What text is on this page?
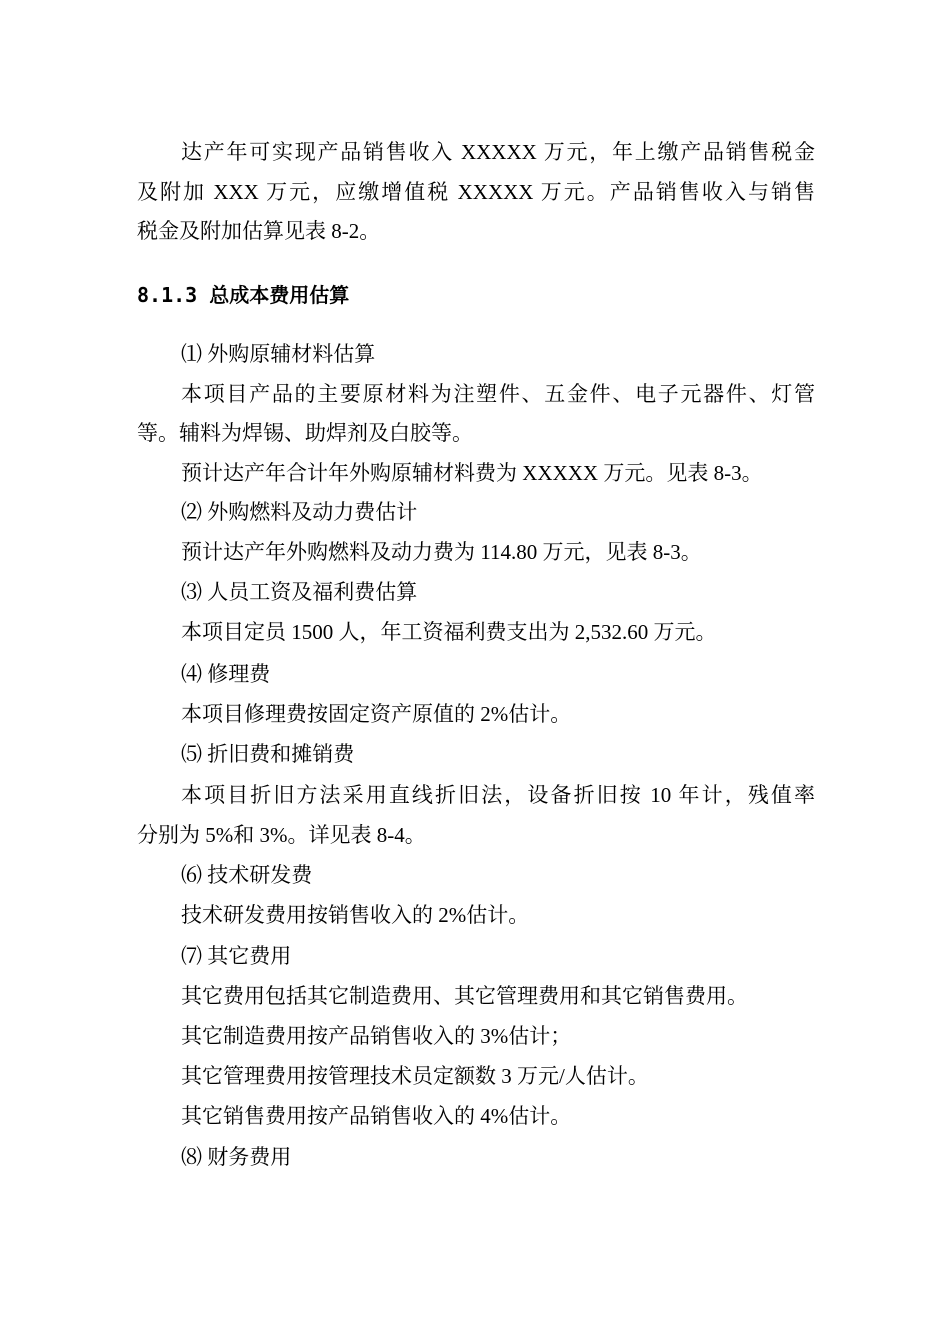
达产年可实现产品销售收入 XXXXX 万元，年上缴产品销售税金
及附加 XXX 万元，应缴增值税 XXXXX 万元。产品销售收入与销售
税金及附加估算见表 8-2。
8.1.3 总成本费用估算
⑴ 外购原辅材料估算
本项目产品的主要原材料为注塑件、五金件、电子元器件、灯管
等。辅料为焊锡、助焊剂及白胶等。
预计达产年合计年外购原辅材料费为 XXXXX 万元。见表 8-3。
⑵ 外购燃料及动力费估计
预计达产年外购燃料及动力费为 114.80 万元，见表 8-3。
⑶ 人员工资及福利费估算
本项目定员 1500 人，年工资福利费支出为 2,532.60 万元。
⑷ 修理费
本项目修理费按固定资产原值的 2%估计。
⑸ 折旧费和摊销费
本项目折旧方法采用直线折旧法，设备折旧按 10 年计，残值率
分别为 5%和 3%。详见表 8-4。
⑹ 技术研发费
技术研发费用按销售收入的 2%估计。
⑺ 其它费用
其它费用包括其它制造费用、其它管理费用和其它销售费用。
其它制造费用按产品销售收入的 3%估计；
其它管理费用按管理技术员定额数 3 万元/人估计。
其它销售费用按产品销售收入的 4%估计。
⑻ 财务费用
